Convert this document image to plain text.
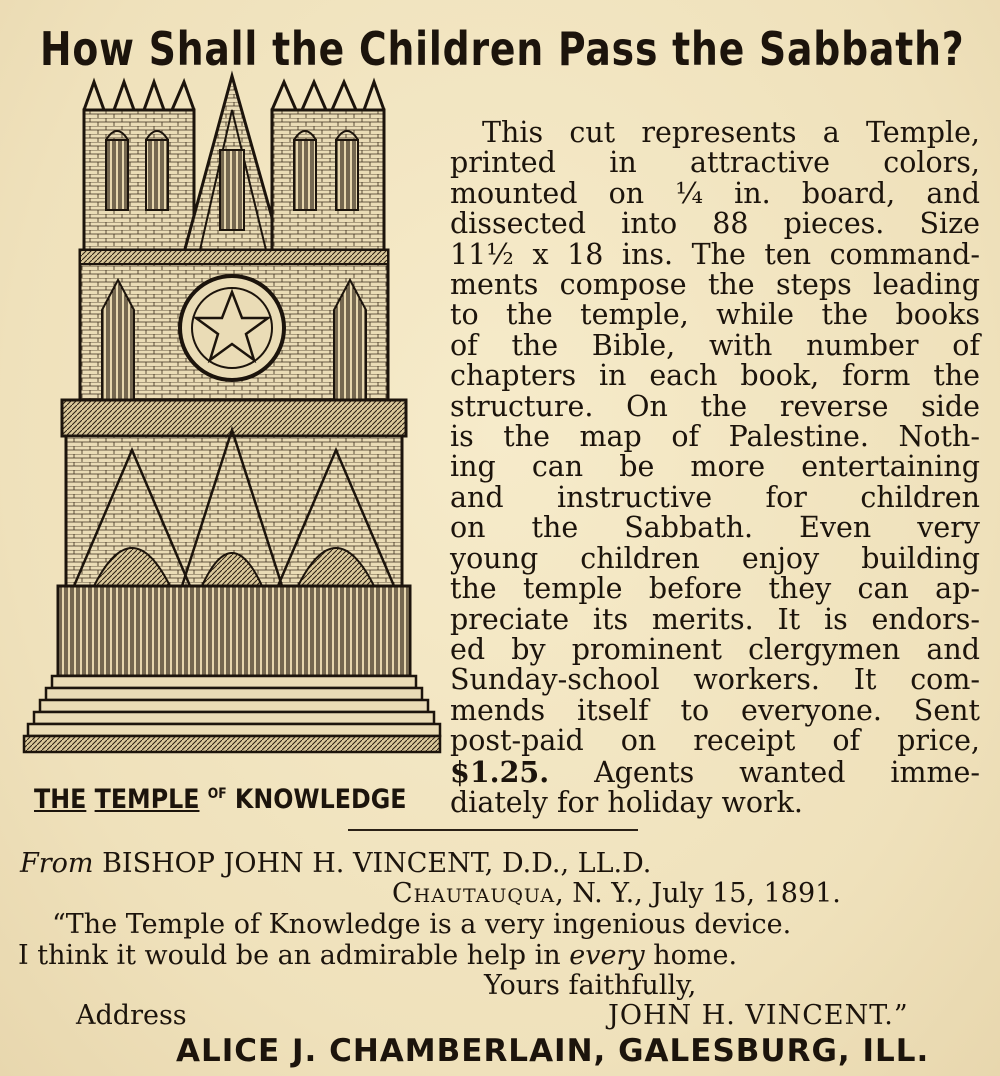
How Shall the Children Pass the Sabbath?
THE TEMPLE $^{OF}$ KNOWLEDGE
This cut represents a Temple,
printed in attractive colors,
mounted on ¼ in. board, and
dissected into 88 pieces. Size
11½ x 18 ins. The ten command-
ments compose the steps leading
to the temple, while the books
of the Bible, with number of
chapters in each book, form the
structure. On the reverse side
is the map of Palestine. Noth-
ing can be more entertaining
and instructive for children
on the Sabbath. Even very
young children enjoy building
the temple before they can ap-
preciate its merits. It is endors-
ed by prominent clergymen and
Sunday-school workers. It com-
mends itself to everyone. Sent
post-paid on receipt of price,
$1.25. Agents wanted imme-
diately for holiday work.
From BISHOP JOHN H. VINCENT, D.D., LL.D.
Chautauqua, N. Y., July 15, 1891.
“The Temple of Knowledge is a very ingenious device.
I think it would be an admirable help in every home.
Yours faithfully,
Address	JOHN H. VINCENT.”
ALICE J. CHAMBERLAIN, GALESBURG, ILL.
